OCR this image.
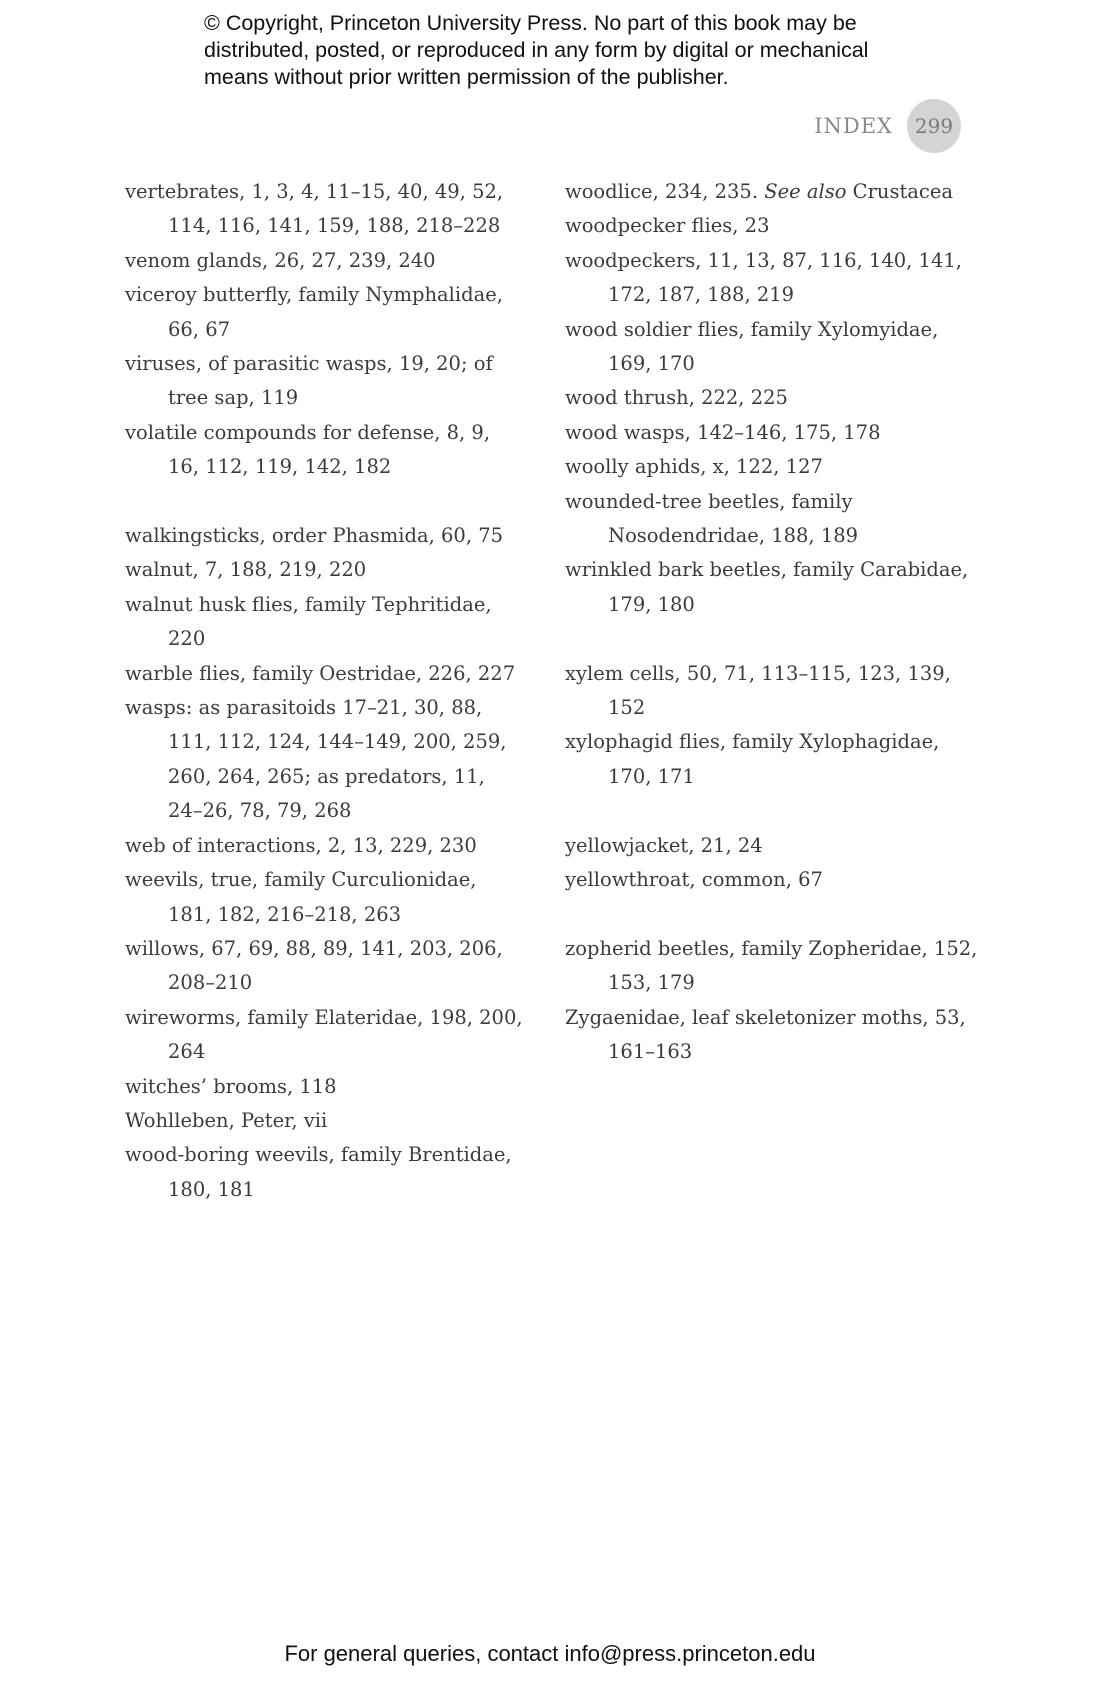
© Copyright, Princeton University Press. No part of this book may be distributed, posted, or reproduced in any form by digital or mechanical means without prior written permission of the publisher.

INDEX	299

vertebrates, 1, 3, 4, 11–15, 40, 49, 52, 114, 116, 141, 159, 188, 218–228

venom glands, 26, 27, 239, 240

viceroy butterfly, family Nymphalidae, 66, 67

viruses, of parasitic wasps, 19, 20; of tree sap, 119

volatile compounds for defense, 8, 9, 16, 112, 119, 142, 182

walkingsticks, order Phasmida, 60, 75

walnut, 7, 188, 219, 220

walnut husk flies, family Tephritidae, 220

warble flies, family Oestridae, 226, 227

wasps: as parasitoids 17–21, 30, 88, 111, 112, 124, 144–149, 200, 259, 260, 264, 265; as predators, 11, 24–26, 78, 79, 268

web of interactions, 2, 13, 229, 230

weevils, true, family Curculionidae, 181, 182, 216–218, 263

willows, 67, 69, 88, 89, 141, 203, 206, 208–210

wireworms, family Elateridae, 198, 200, 264

witches’ brooms, 118

Wohlleben, Peter, vii

wood-boring weevils, family Brentidae, 180, 181

woodlice, 234, 235. See also Crustacea

woodpecker flies, 23

woodpeckers, 11, 13, 87, 116, 140, 141, 172, 187, 188, 219

wood soldier flies, family Xylomyidae, 169, 170

wood thrush, 222, 225

wood wasps, 142–146, 175, 178

woolly aphids, x, 122, 127

wounded-tree beetles, family Nosodendridae, 188, 189

wrinkled bark beetles, family Carabidae, 179, 180

xylem cells, 50, 71, 113–115, 123, 139, 152

xylophagid flies, family Xylophagidae, 170, 171

yellowjacket, 21, 24

yellowthroat, common, 67

zopherid beetles, family Zopheridae, 152, 153, 179

Zygaenidae, leaf skeletonizer moths, 53, 161–163

For general queries, contact info@press.princeton.edu
